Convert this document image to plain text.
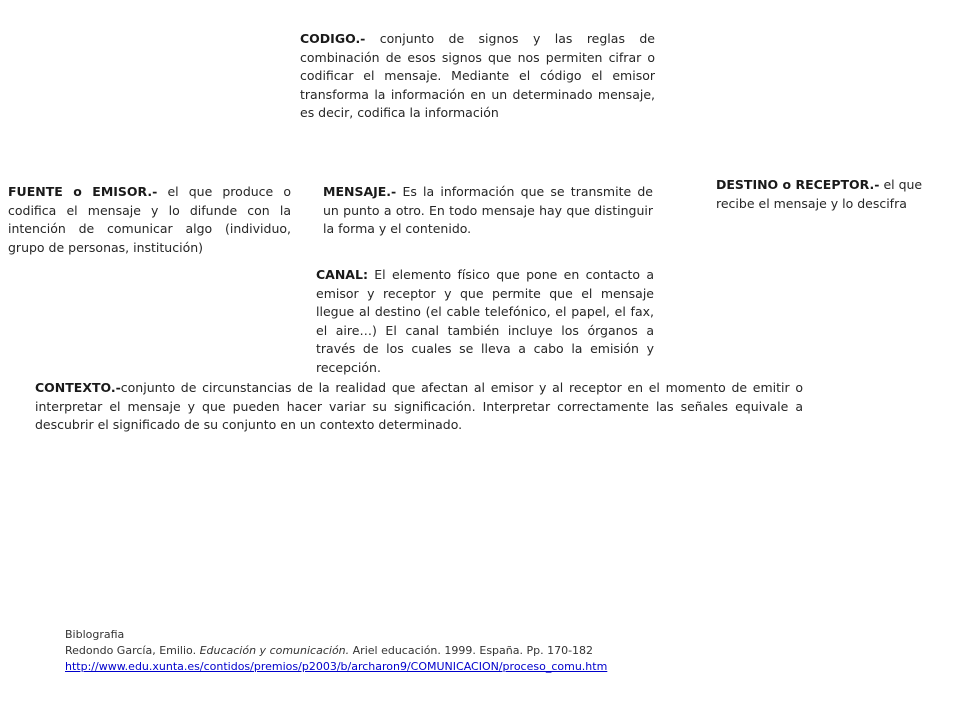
CODIGO.- conjunto de signos y las reglas de combinación de esos signos que nos permiten cifrar o codificar el mensaje. Mediante el código el emisor transforma la información en un determinado mensaje, es decir, codifica la información

FUENTE o EMISOR.- el que produce o codifica el mensaje y lo difunde con la intención de comunicar algo (individuo, grupo de personas, institución)

MENSAJE.- Es la información que se transmite de un punto a otro. En todo mensaje hay que distinguir la forma y el contenido.

DESTINO o RECEPTOR.- el que recibe el mensaje y lo descifra

CANAL: El elemento físico que pone en contacto a emisor y receptor y que permite que el mensaje llegue al destino (el cable telefónico, el papel, el fax, el aire…) El canal también incluye los órganos a través de los cuales se lleva a cabo la emisión y recepción.

CONTEXTO.-conjunto de circunstancias de la realidad que afectan al emisor y al receptor en el momento de emitir o interpretar el mensaje y que pueden hacer variar su significación. Interpretar correctamente las señales equivale a descubrir el significado de su conjunto en un contexto determinado.

Biblografia
Redondo García, Emilio. Educación y comunicación. Ariel educación. 1999. España. Pp. 170-182
http://www.edu.xunta.es/contidos/premios/p2003/b/archaron9/COMUNICACION/proceso_comu.htm
